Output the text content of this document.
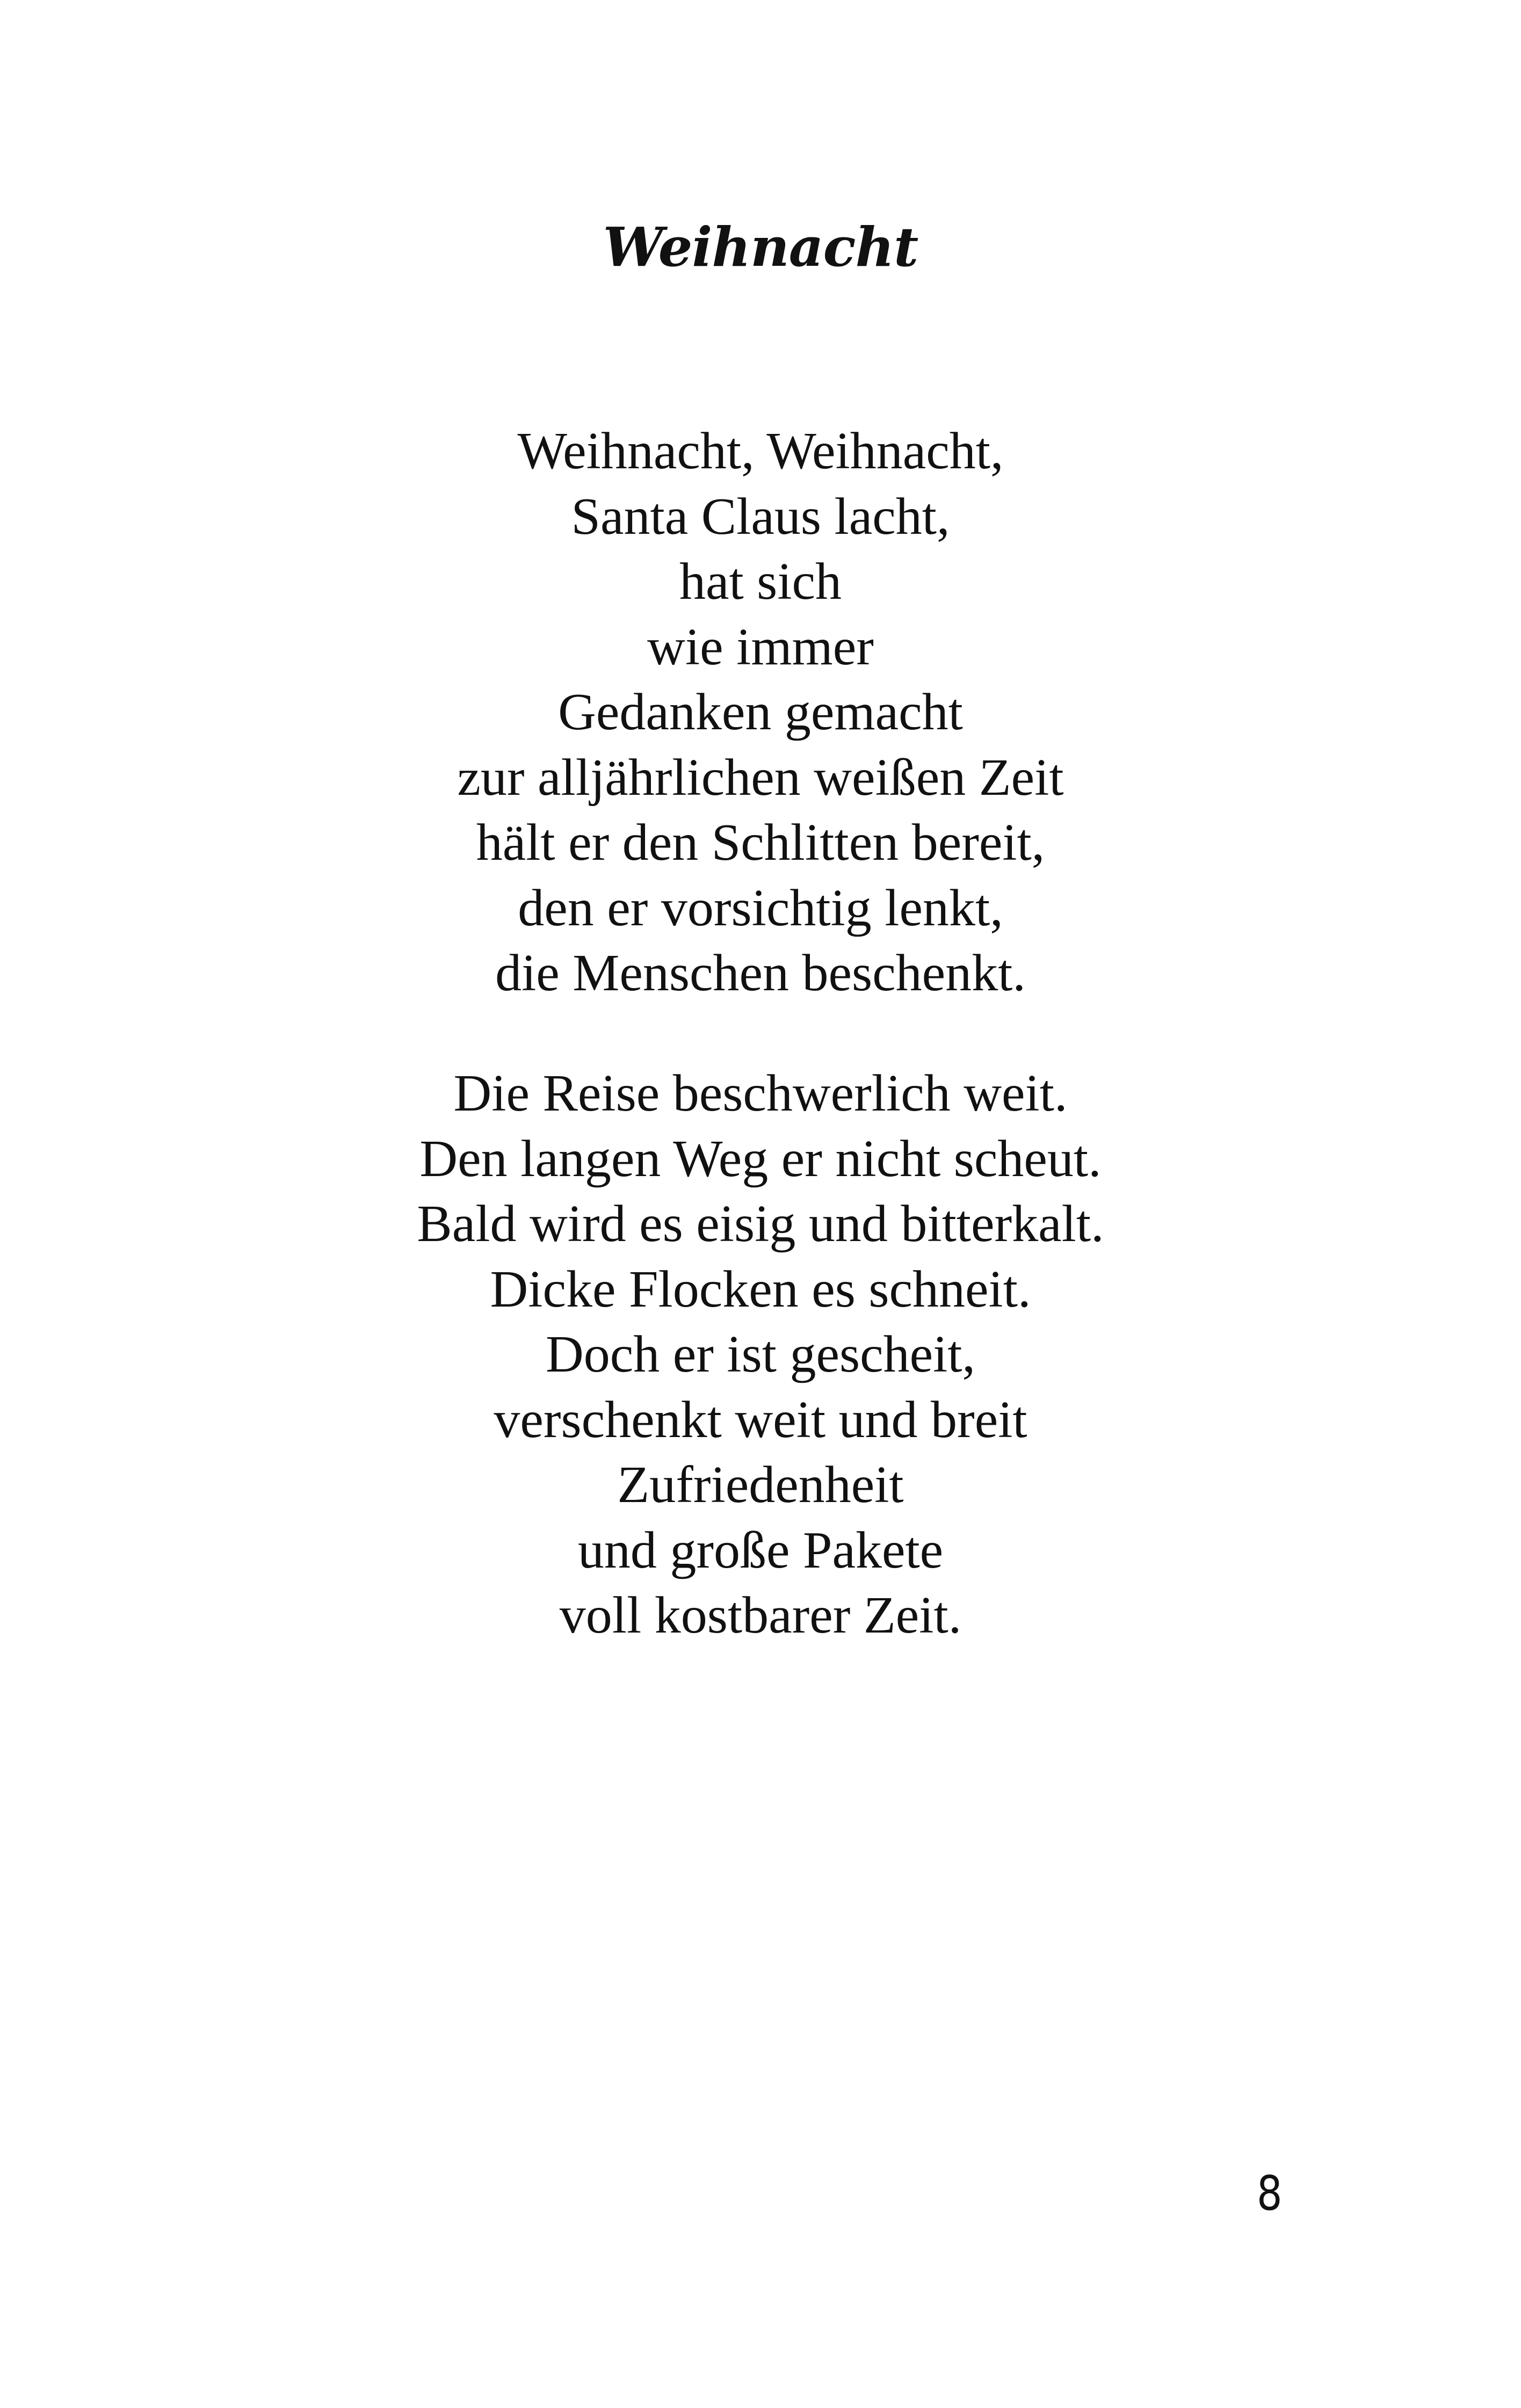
Weihnacht
Weihnacht, Weihnacht,
Santa Claus lacht,
hat sich
wie immer
Gedanken gemacht
zur alljährlichen weißen Zeit
hält er den Schlitten bereit,
den er vorsichtig lenkt,
die Menschen beschenkt.
Die Reise beschwerlich weit.
Den langen Weg er nicht scheut.
Bald wird es eisig und bitterkalt.
Dicke Flocken es schneit.
Doch er ist gescheit,
verschenkt weit und breit
Zufriedenheit
und große Pakete
voll kostbarer Zeit.
8
